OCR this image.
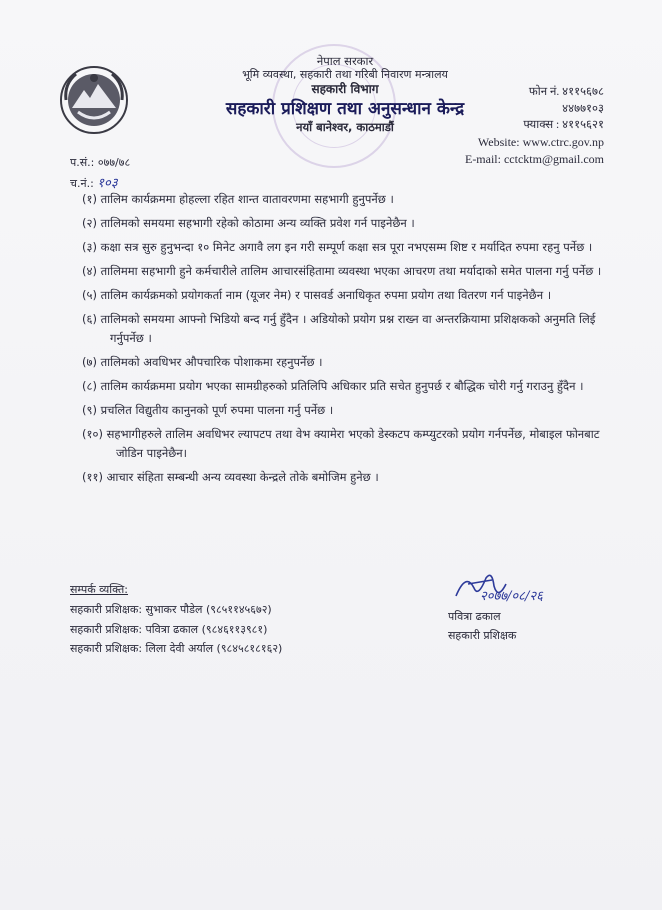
नेपाल सरकार
भूमि व्यवस्था, सहकारी तथा गरिबी निवारण मन्त्रालय
सहकारी विभाग
सहकारी प्रशिक्षण तथा अनुसन्धान केन्द्र
नयाँ बानेश्वर, काठमाडौं
फोन नं. ४११५६७८
४४७७१०३
फ्याक्स : ४११५६२१
Website: www.ctrc.gov.np
E-mail: cctcktm@gmail.com
प.सं.: ०७७/७८
च.नं.: १०३
(१) तालिम कार्यक्रममा होहल्ला रहित शान्त वातावरणमा सहभागी हुनुपर्नेछ ।
(२) तालिमको समयमा सहभागी रहेको कोठामा अन्य व्यक्ति प्रवेश गर्न पाइनेछैन ।
(३) कक्षा सत्र सुरु हुनुभन्दा १० मिनेट अगावै लग इन गरी सम्पूर्ण कक्षा सत्र पूरा नभएसम्म शिष्ट र मर्यादित रुपमा रहनु पर्नेछ ।
(४) तालिममा सहभागी हुने कर्मचारीले तालिम आचारसंहितामा व्यवस्था भएका आचरण तथा मर्यादाको समेत पालना गर्नु पर्नेछ ।
(५) तालिम कार्यक्रमको प्रयोगकर्ता नाम (यूजर नेम) र पासवर्ड अनाधिकृत रुपमा प्रयोग तथा वितरण गर्न पाइनेछैन ।
(६) तालिमको समयमा आफ्नो भिडियो बन्द गर्नु हुँदैन । अडियोको प्रयोग प्रश्न राख्न वा अन्तरक्रियामा प्रशिक्षकको अनुमति लिई गर्नुपर्नेछ ।
(७) तालिमको अवधिभर औपचारिक पोशाकमा रहनुपर्नेछ ।
(८) तालिम कार्यक्रममा प्रयोग भएका सामग्रीहरुको प्रतिलिपि अधिकार प्रति सचेत हुनुपर्छ र बौद्धिक चोरी गर्नु गराउनु हुँदैन ।
(९) प्रचलित विद्युतीय कानुनको पूर्ण रुपमा पालना गर्नु पर्नेछ ।
(१०) सहभागीहरुले तालिम अवधिभर ल्यापटप तथा वेभ क्यामेरा भएको डेस्कटप कम्प्युटरको प्रयोग गर्नपर्नेछ, मोबाइल फोनबाट जोडिन पाइनेछैन।
(११) आचार संहिता सम्बन्धी अन्य व्यवस्था केन्द्रले तोके बमोजिम हुनेछ ।
सम्पर्क व्यक्ति:
सहकारी प्रशिक्षक: सुभाकर पौडेल (९८५११४५६७२)
सहकारी प्रशिक्षक: पवित्रा ढकाल (९८४६११३९८१)
सहकारी प्रशिक्षक: लिला देवी अर्याल (९८४५८१८१६२)
२०७७/०८/२६
पवित्रा ढकाल
सहकारी प्रशिक्षक
